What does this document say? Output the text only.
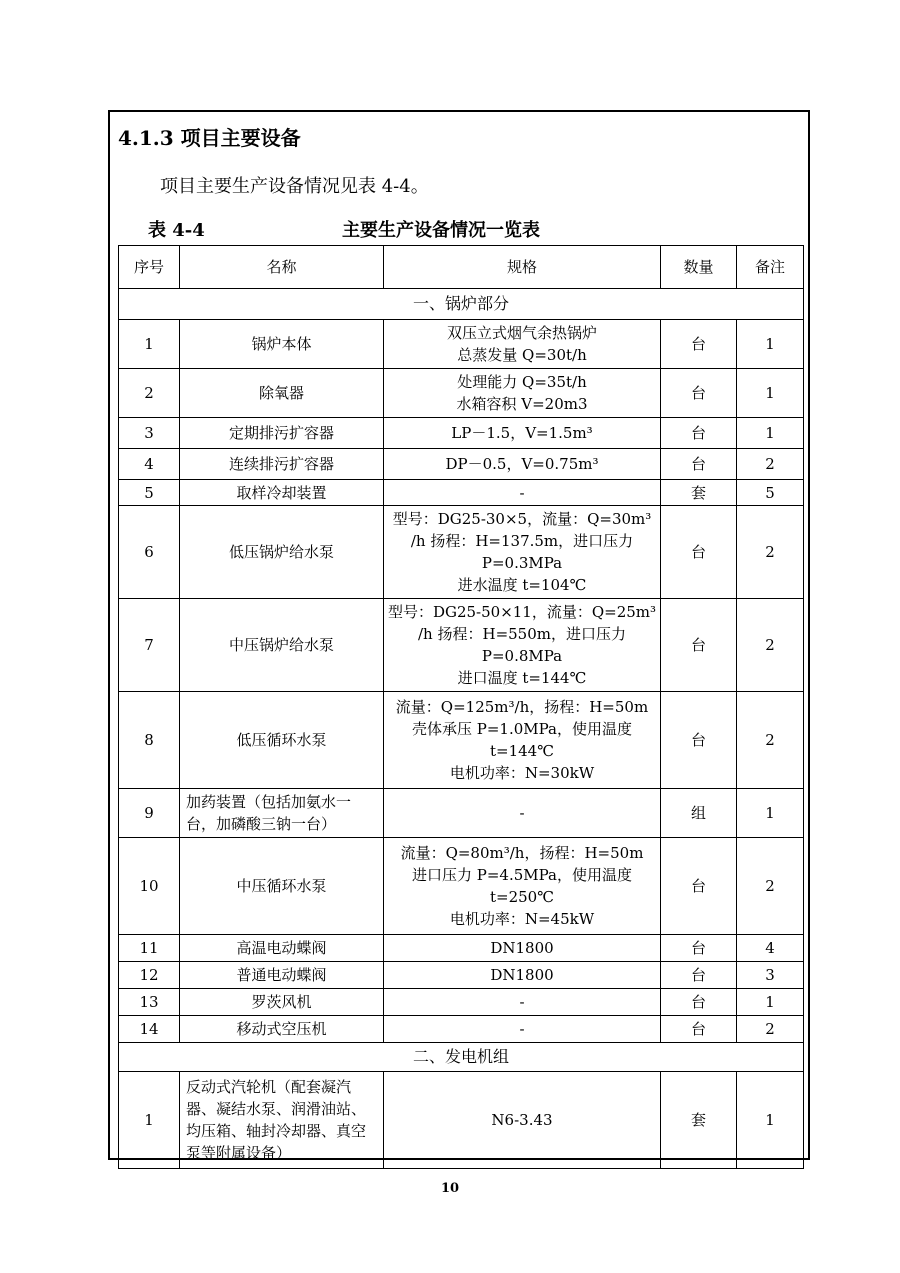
4.1.3 项目主要设备
项目主要生产设备情况见表 4-4。
表 4-4	主要生产设备情况一览表
序号	名称	规格	数量	备注
一、锅炉部分				
1	锅炉本体	双压立式烟气余热锅炉
总蒸发量 Q=30t/h	台	1
2	除氧器	处理能力 Q=35t/h
水箱容积 V=20m3	台	1
3	定期排污扩容器	LP－1.5，V=1.5m³	台	1
4	连续排污扩容器	DP－0.5，V=0.75m³	台	2
5	取样冷却装置	-	套	5
6	低压锅炉给水泵	型号：DG25-30×5，流量：Q=30m³
/h 扬程：H=137.5m，进口压力
P=0.3MPa
进水温度 t=104℃	台	2
7	中压锅炉给水泵	型号：DG25-50×11，流量：Q=25m³
/h 扬程：H=550m，进口压力
P=0.8MPa
进口温度 t=144℃	台	2
8	低压循环水泵	流量：Q=125m³/h，扬程：H=50m
壳体承压 P=1.0MPa，使用温度
t=144℃
电机功率：N=30kW	台	2
9	加药装置（包括加氨水一台，加磷酸三钠一台）	-	组	1
10	中压循环水泵	流量：Q=80m³/h，扬程：H=50m
进口压力 P=4.5MPa，使用温度
t=250℃
电机功率：N=45kW	台	2
11	高温电动蝶阀	DN1800	台	4
12	普通电动蝶阀	DN1800	台	3
13	罗茨风机	-	台	1
14	移动式空压机	-	台	2
二、发电机组				
1	反动式汽轮机（配套凝汽器、凝结水泵、润滑油站、均压箱、轴封冷却器、真空泵等附属设备）	N6-3.43	套	1
10
